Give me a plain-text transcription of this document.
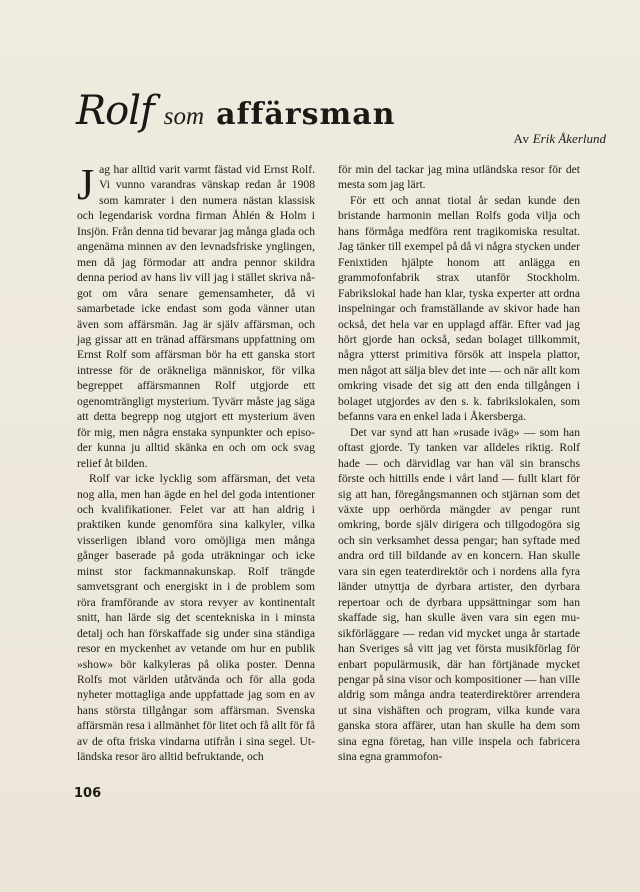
Rolf som affärsman
Av Erik Åkerlund

Jag har alltid varit varmt fästad vid Ernst Rolf. Vi vunno varandras vänskap redan år 1908 som kamrater i den numera nästan klassisk och legendarisk vordna firman Åhlén & Holm i Insjön. Från denna tid bevarar jag många glada och angenäma minnen av den levnadsfriske ynglingen, men då jag förmodar att andra pennor skildra denna period av hans liv vill jag i stället skriva något om våra senare gemensamheter, då vi samarbetade icke endast som goda vänner utan även som affärsmän. Jag är själv affärsman, och jag gissar att en tränad affärsmans uppfattning om Ernst Rolf som affärsman bör ha ett ganska stort intresse för de oräkneliga människor, för vilka begreppet affärsmannen Rolf utgjorde ett ogenomträngligt mysterium. Tyvärr måste jag säga att detta begrepp nog utgjort ett mysterium även för mig, men några enstaka synpunkter och episoder kunna ju alltid skänka en och om ock svag relief åt bilden.

Rolf var icke lycklig som affärsman, det veta nog alla, men han ägde en hel del goda intentioner och kvalifikationer. Felet var att han aldrig i praktiken kunde genomföra sina kalkyler, vilka visserligen ibland voro omöjliga men många gånger baserade på goda uträkningar och icke minst stor fackmannakunskap. Rolf trängde samvetsgrant och energiskt in i de problem som röra framförande av stora revyer av kontinentalt snitt, han lärde sig det scentekniska in i minsta detalj och han förskaffade sig under sina ständiga resor en myckenhet av vetande om hur en publik »show» bör kalkyleras på olika poster. Denna Rolfs mot världen utåtvända och för alla goda nyheter mottagliga ande uppfattade jag som en av hans största tillgångar som affärsman. Svenska affärsmän resa i allmänhet för litet och få allt för få av de ofta friska vindarna utifrån i sina segel. Utländska resor äro alltid befruktande, och

för min del tackar jag mina utländska resor för det mesta som jag lärt.

För ett och annat tiotal år sedan kunde den bristande harmonin mellan Rolfs goda vilja och hans förmåga medföra rent tragikomiska resultat. Jag tänker till exempel på då vi några stycken under Fenixtiden hjälpte honom att anlägga en grammofonfabrik strax utanför Stockholm. Fabrikslokal hade han klar, tyska experter att ordna inspelningar och framställande av skivor hade han också, det hela var en upplagd affär. Efter vad jag hört gjorde han också, sedan bolaget tillkommit, några ytterst primitiva försök att inspela plattor, men något att sälja blev det inte — och när allt kom omkring visade det sig att den enda tillgången i bolaget utgjordes av den s. k. fabrikslokalen, som befanns vara en enkel lada i Åkersberga.

Det var synd att han »rusade iväg» — som han oftast gjorde. Ty tanken var alldeles riktig. Rolf hade — och därvidlag var han väl sin branschs förste och hittills ende i vårt land — fullt klart för sig att han, föregångsmannen och stjärnan som det växte upp oerhörda mängder av pengar runt omkring, borde själv dirigera och tillgodogöra sig och sin verksamhet dessa pengar; han syftade med andra ord till bildande av en koncern. Han skulle vara sin egen teaterdirektör och i nordens alla fyra länder utnyttja de dyrbara artister, den dyrbara repertoar och de dyrbara uppsättningar som han skaffade sig, han skulle även vara sin egen musikförläggare — redan vid mycket unga år startade han Sveriges så vitt jag vet första musikförlag för enbart populärmusik, där han förtjänade mycket pengar på sina visor och kompositioner — han ville aldrig som många andra teaterdirektörer arrendera ut sina vishäften och program, vilka kunde vara ganska stora affärer, utan han skulle ha dem som sina egna företag, han ville inspela och fabricera sina egna grammofon-

106
